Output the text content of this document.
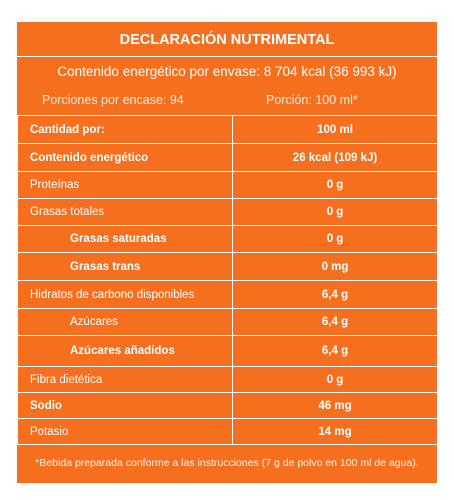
DECLARACIÓN NUTRIMENTAL
Contenido energético por envase: 8 704 kcal (36 993 kJ)
Porciones por encase: 94	Porción: 100 ml*
Cantidad por:	100 ml
Contenido energético	26 kcal (109 kJ)
Proteínas	0 g
Grasas totales	0 g
Grasas saturadas	0 g
Grasas trans	0 mg
Hidratos de carbono disponibles	6,4 g
Azúcares	6,4 g
Azúcares añadidos	6,4 g
Fibra dietética	0 g
Sodio	46 mg
Potasio	14 mg
*Bebida preparada conforme a las instrucciones (7 g de polvo en 100 ml de agua).
